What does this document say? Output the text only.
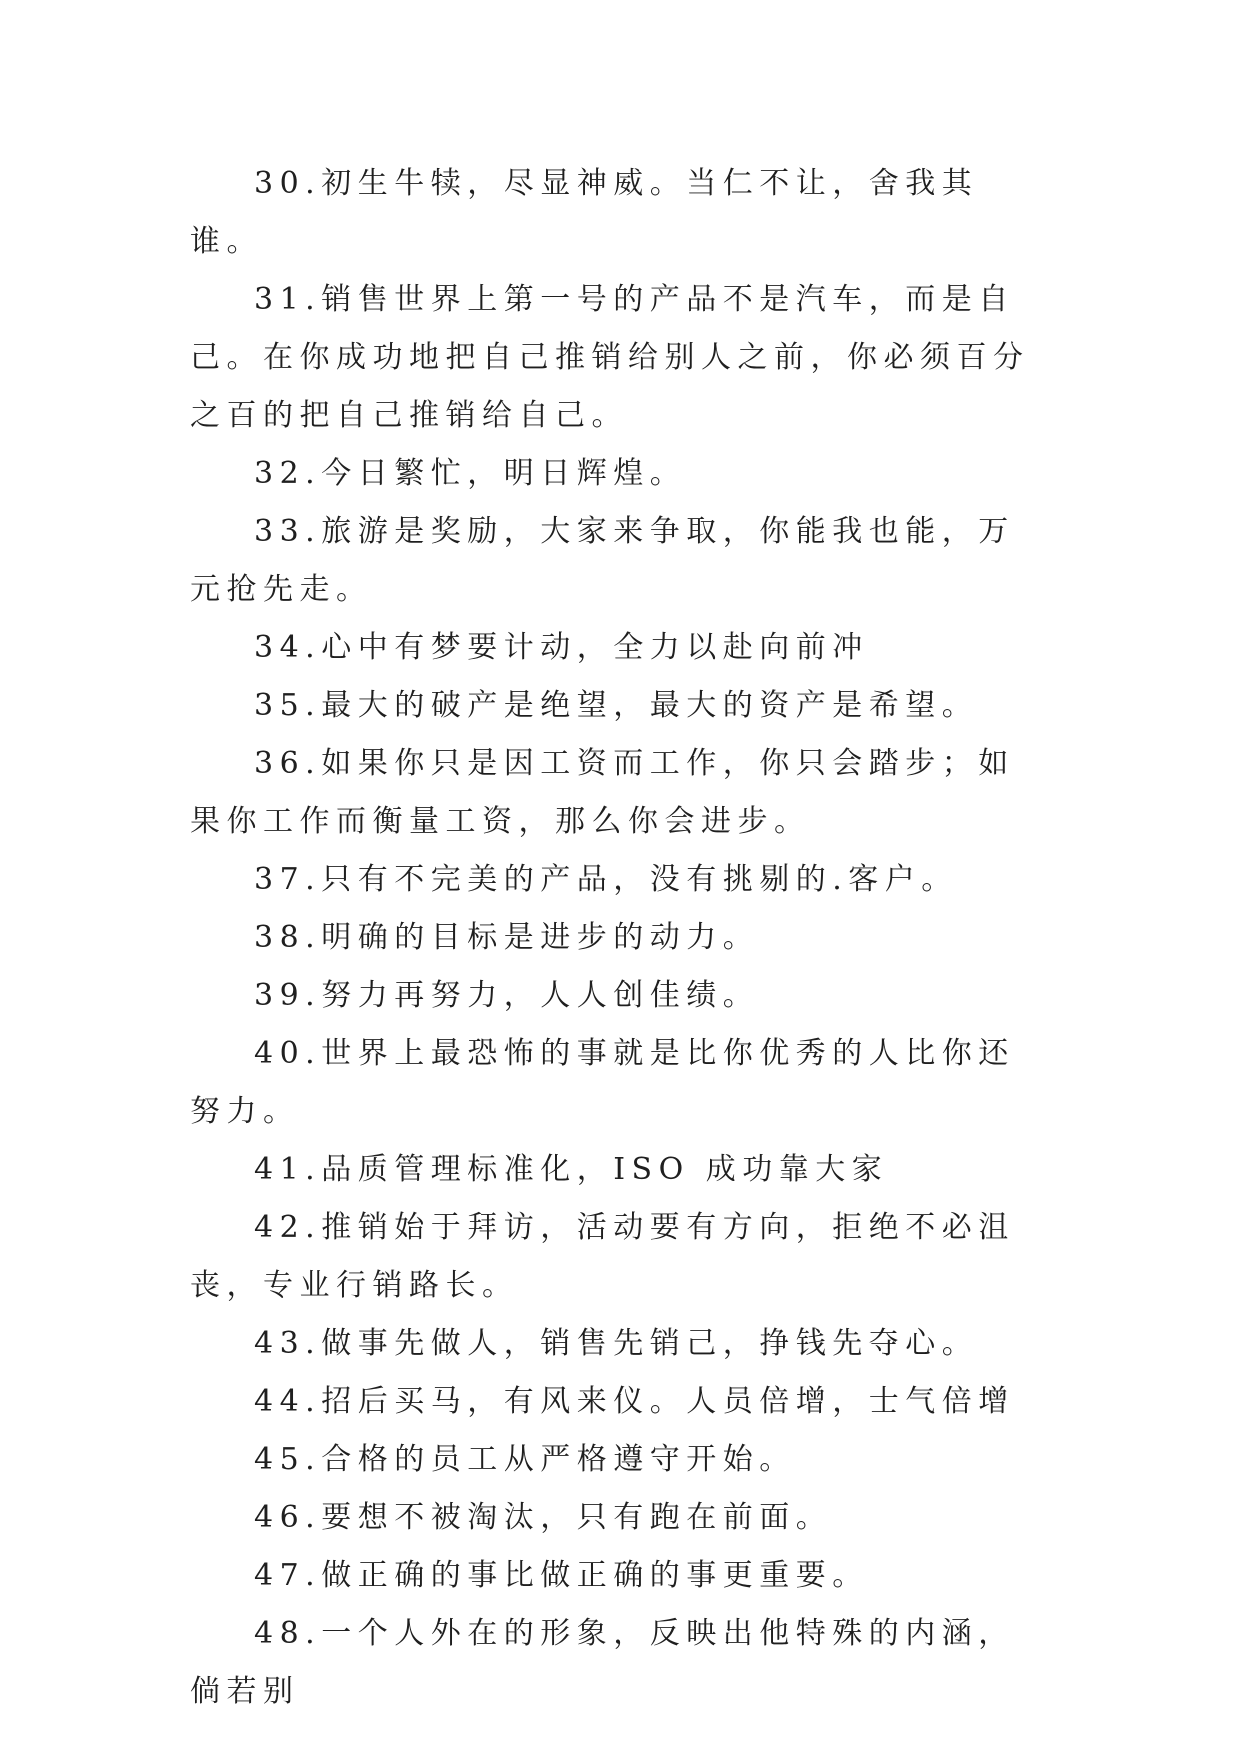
30.初生牛犊，尽显神威。当仁不让，舍我其谁。

31.销售世界上第一号的产品不是汽车，而是自己。在你成功地把自己推销给别人之前，你必须百分之百的把自己推销给自己。

32.今日繁忙，明日辉煌。

33.旅游是奖励，大家来争取，你能我也能，万元抢先走。

34.心中有梦要计动，全力以赴向前冲

35.最大的破产是绝望，最大的资产是希望。

36.如果你只是因工资而工作，你只会踏步；如果你工作而衡量工资，那么你会进步。

37.只有不完美的产品，没有挑剔的.客户。

38.明确的目标是进步的动力。

39.努力再努力，人人创佳绩。

40.世界上最恐怖的事就是比你优秀的人比你还努力。

41.品质管理标准化，ISO 成功靠大家

42.推销始于拜访，活动要有方向，拒绝不必沮丧，专业行销路长。

43.做事先做人，销售先销己，挣钱先夺心。

44.招后买马，有风来仪。人员倍增，士气倍增

45.合格的员工从严格遵守开始。

46.要想不被淘汰，只有跑在前面。

47.做正确的事比做正确的事更重要。

48.一个人外在的形象，反映出他特殊的内涵，倘若别
